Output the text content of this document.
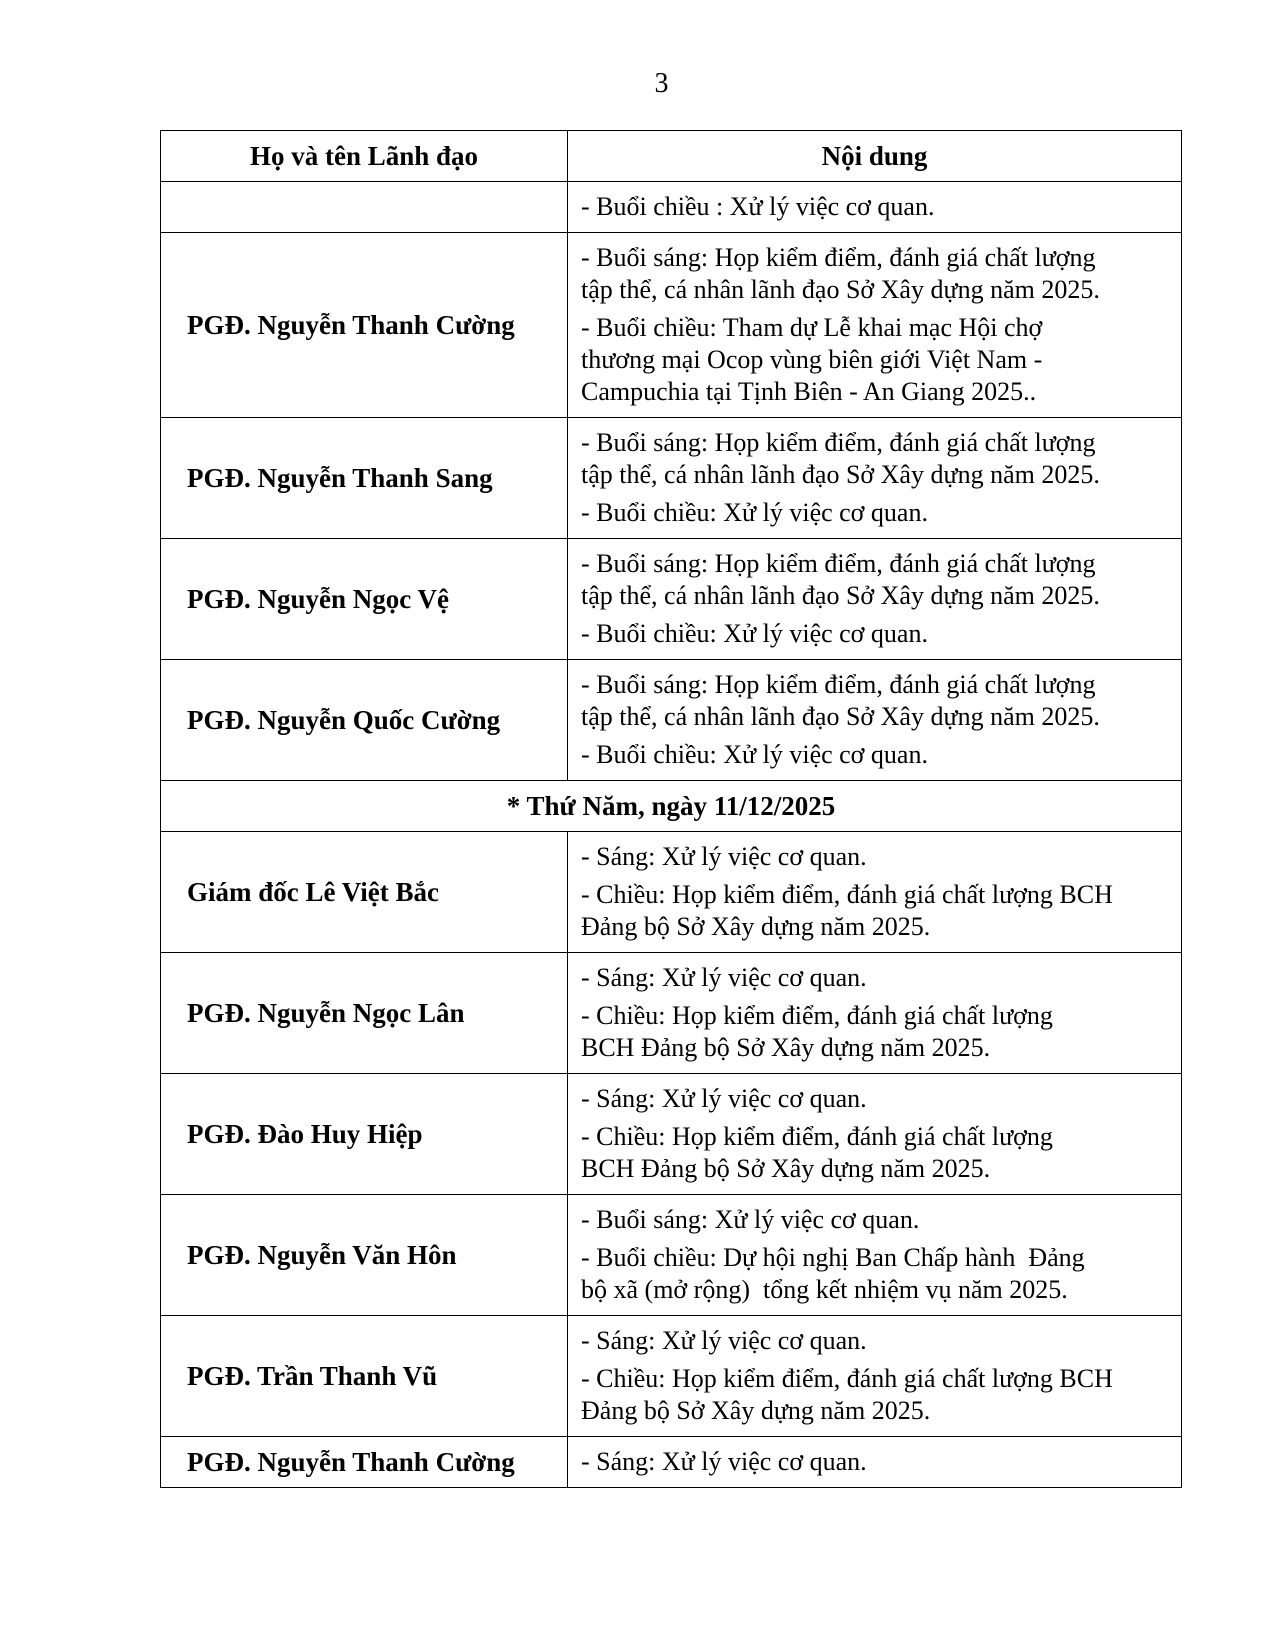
3
Họ và tên Lãnh đạo	Nội dung

	- Buổi chiều : Xử lý việc cơ quan.

PGĐ. Nguyễn Thanh Cường	- Buổi sáng: Họp kiểm điểm, đánh giá chất lượng
tập thể, cá nhân lãnh đạo Sở Xây dựng năm 2025.
- Buổi chiều: Tham dự Lễ khai mạc Hội chợ
thương mại Ocop vùng biên giới Việt Nam -
Campuchia tại Tịnh Biên - An Giang 2025..

PGĐ. Nguyễn Thanh Sang	- Buổi sáng: Họp kiểm điểm, đánh giá chất lượng
tập thể, cá nhân lãnh đạo Sở Xây dựng năm 2025.
- Buổi chiều: Xử lý việc cơ quan.

PGĐ. Nguyễn Ngọc Vệ	- Buổi sáng: Họp kiểm điểm, đánh giá chất lượng
tập thể, cá nhân lãnh đạo Sở Xây dựng năm 2025.
- Buổi chiều: Xử lý việc cơ quan.

PGĐ. Nguyễn Quốc Cường	- Buổi sáng: Họp kiểm điểm, đánh giá chất lượng
tập thể, cá nhân lãnh đạo Sở Xây dựng năm 2025.
- Buổi chiều: Xử lý việc cơ quan.

* Thứ Năm, ngày 11/12/2025	
Giám đốc Lê Việt Bắc	- Sáng: Xử lý việc cơ quan.
- Chiều: Họp kiểm điểm, đánh giá chất lượng BCH
Đảng bộ Sở Xây dựng năm 2025.

PGĐ. Nguyễn Ngọc Lân	- Sáng: Xử lý việc cơ quan.
- Chiều: Họp kiểm điểm, đánh giá chất lượng
BCH Đảng bộ Sở Xây dựng năm 2025.

PGĐ. Đào Huy Hiệp	- Sáng: Xử lý việc cơ quan.
- Chiều: Họp kiểm điểm, đánh giá chất lượng
BCH Đảng bộ Sở Xây dựng năm 2025.

PGĐ. Nguyễn Văn Hôn	- Buổi sáng: Xử lý việc cơ quan.
- Buổi chiều: Dự hội nghị Ban Chấp hành  Đảng
bộ xã (mở rộng)  tổng kết nhiệm vụ năm 2025.

PGĐ. Trần Thanh Vũ	- Sáng: Xử lý việc cơ quan.
- Chiều: Họp kiểm điểm, đánh giá chất lượng BCH
Đảng bộ Sở Xây dựng năm 2025.

PGĐ. Nguyễn Thanh Cường	- Sáng: Xử lý việc cơ quan.
